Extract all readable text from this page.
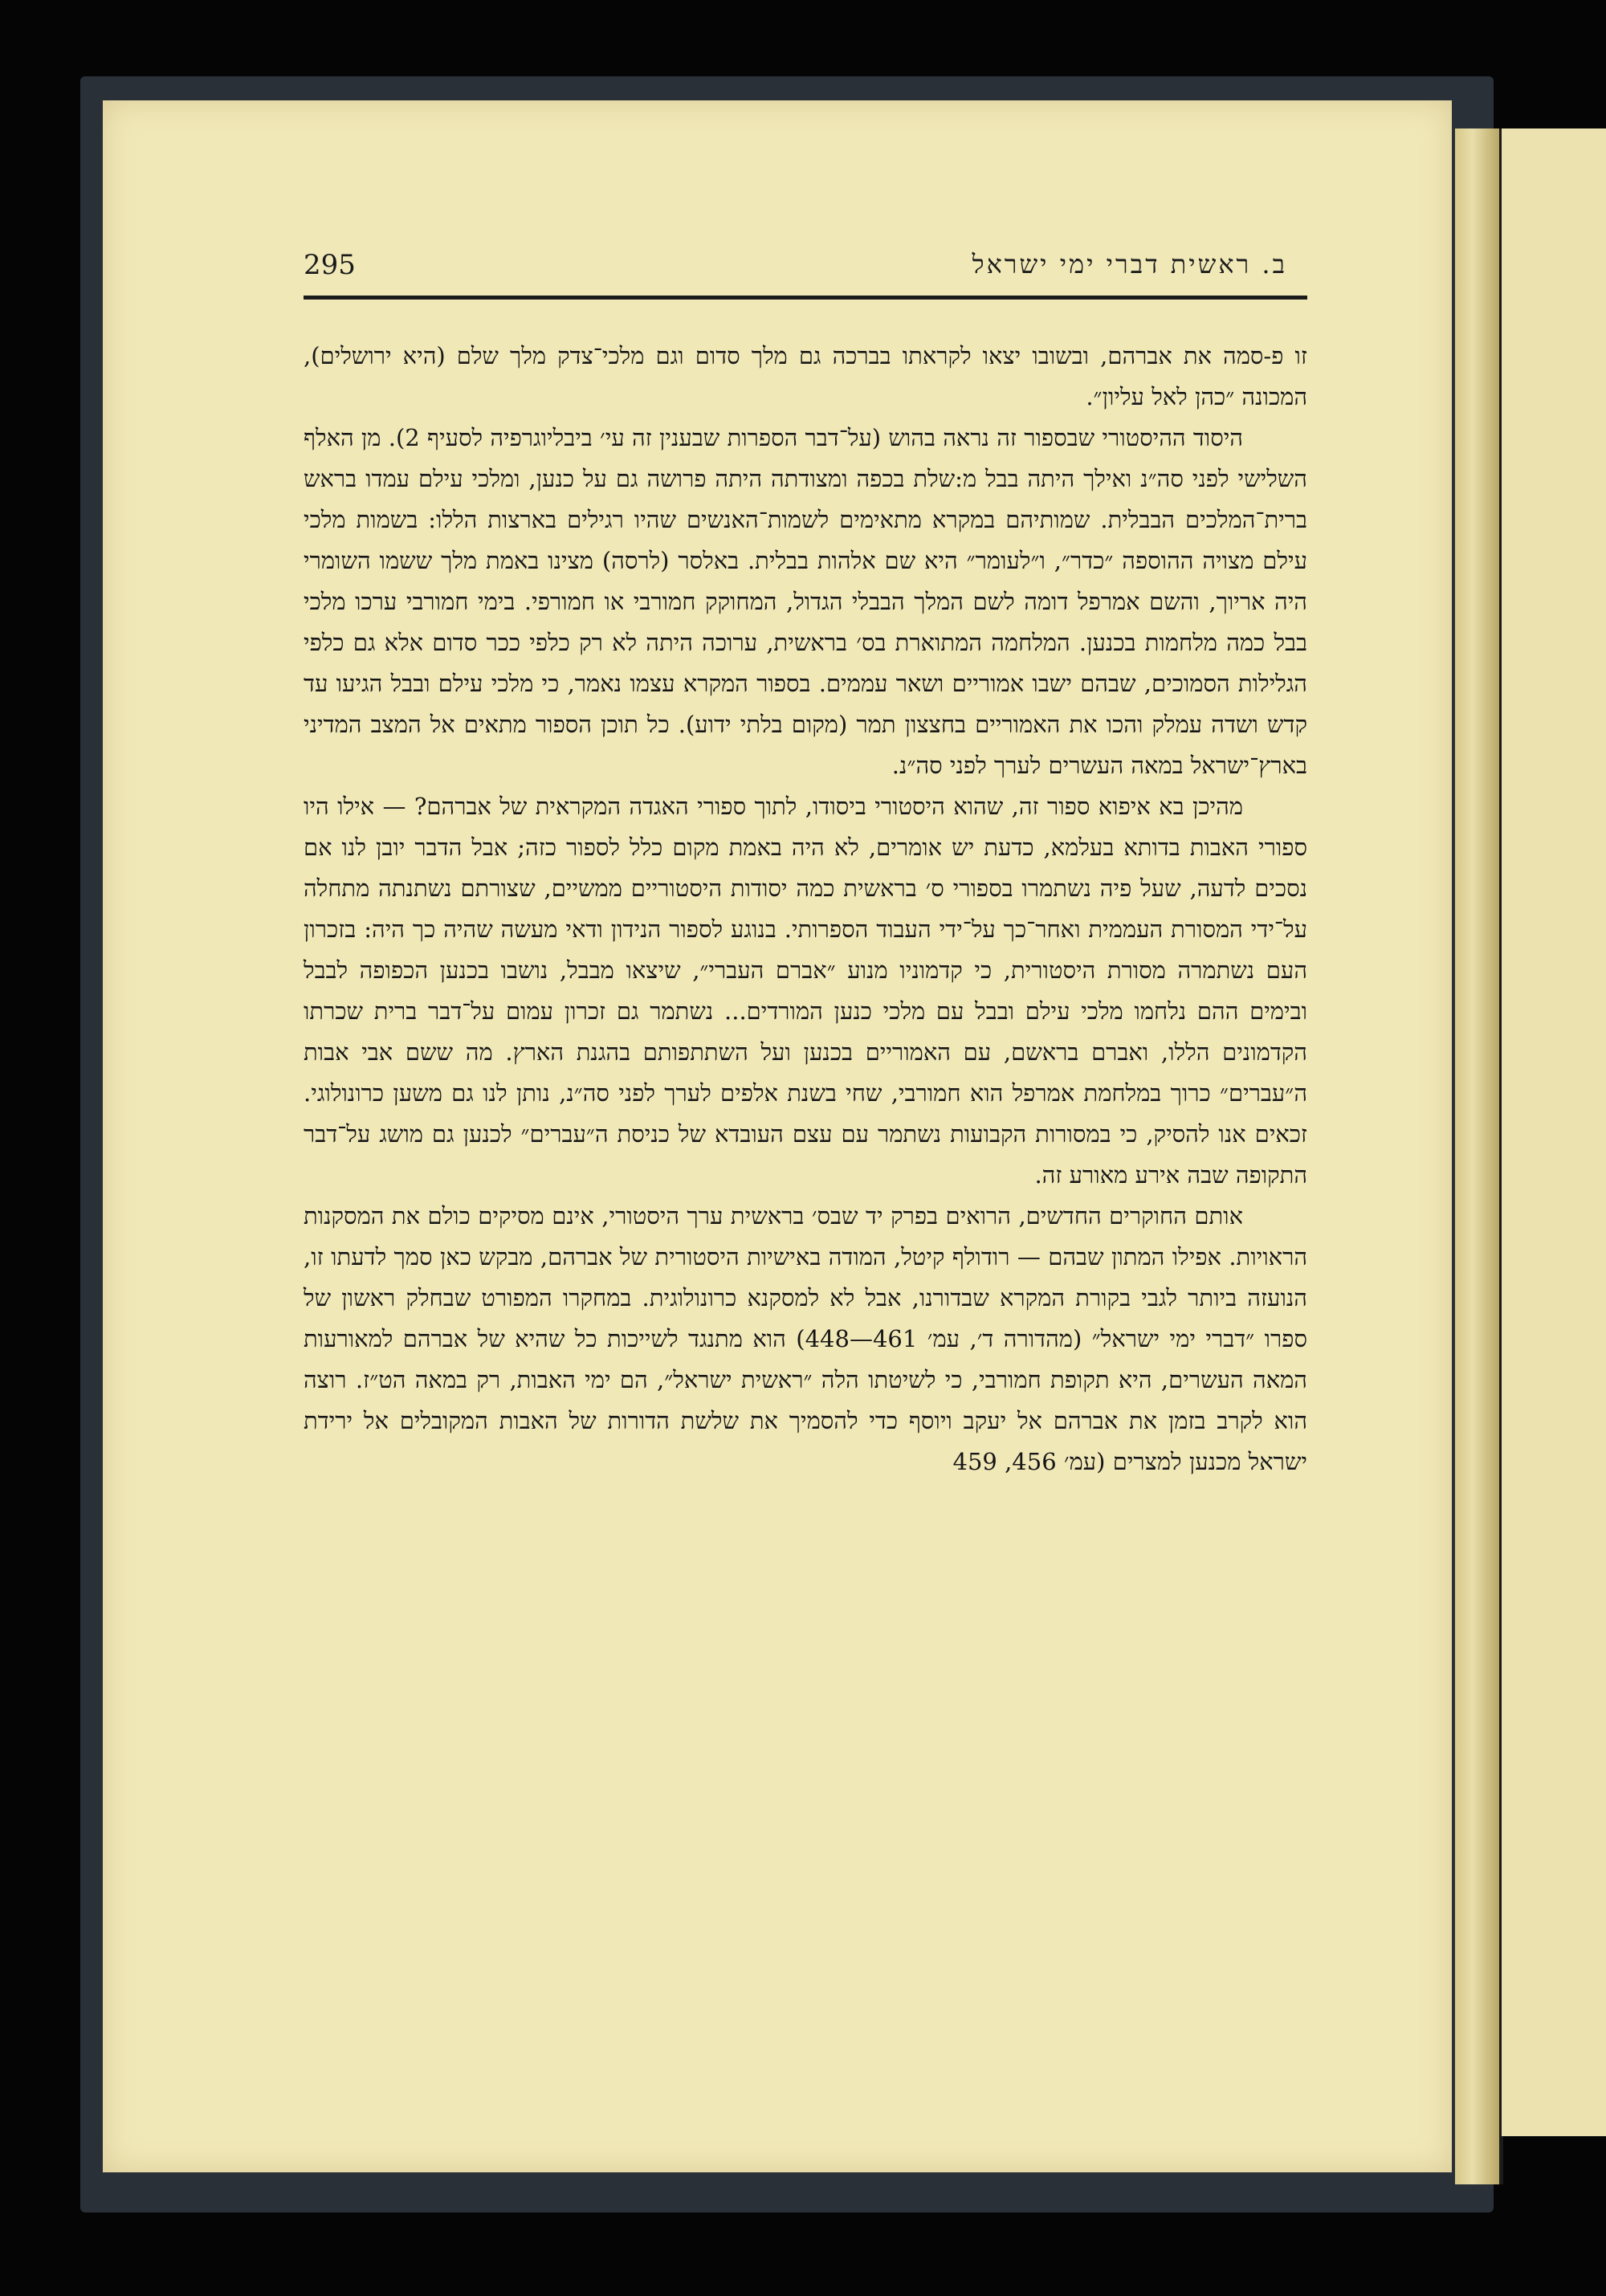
295	ב. ראשית דברי ימי ישראל

זו פ-סמה את אברהם, ובשובו יצאו לקראתו בברכה גם מלך סדום וגם מלכי־צדק מלך שלם (היא ירושלים), המכונה ״כהן לאל עליון״.

היסוד ההיסטורי שבספור זה נראה בהוש (על־דבר הספרות שבענין זה עי׳ ביבליוגרפיה לסעיף 2). מן האלף השלישי לפני סה״נ ואילך היתה בבל מ:שלת בכפה ומצודתה היתה פרושה גם על כנען, ומלכי עילם עמדו בראש ברית־המלכים הבבלית. שמותיהם במקרא מתאימים לשמות־האנשים שהיו רגילים בארצות הללו: בשמות מלכי עילם מצויה ההוספה ״כדר״, ו״לעומר״ היא שם אלהות בבלית. באלסר (לרסה) מצינו באמת מלך ששמו השומרי היה אריוך, והשם אמרפל דומה לשם המלך הבבלי הגדול, המחוקק חמורבי או חמורפי. בימי חמורבי ערכו מלכי בבל כמה מלחמות בכנען. המלחמה המתוארת בס׳ בראשית, ערוכה היתה לא רק כלפי ככר סדום אלא גם כלפי הגלילות הסמוכים, שבהם ישבו אמוריים ושאר עממים. בספור המקרא עצמו נאמר, כי מלכי עילם ובבל הגיעו עד קדש ושדה עמלק והכו את האמוריים בחצצון תמר (מקום בלתי ידוע). כל תוכן הספור מתאים אל המצב המדיני בארץ־ישראל במאה העשרים לערך לפני סה״נ.

מהיכן בא איפוא ספור זה, שהוא היסטורי ביסודו, לתוך ספורי האגדה המקראית של אברהם? — אילו היו ספורי האבות בדותא בעלמא, כדעת יש אומרים, לא היה באמת מקום כלל לספור כזה; אבל הדבר יובן לנו אם נסכים לדעה, שעל פיה נשתמרו בספורי ס׳ בראשית כמה יסודות היסטוריים ממשיים, שצורתם נשתנתה מתחלה על־ידי המסורת העממית ואחר־כך על־ידי העבוד הספרותי. בנוגע לספור הנידון ודאי מעשה שהיה כך היה: בזכרון העם נשתמרה מסורת היסטורית, כי קדמוניו מנוע ״אברם העברי״, שיצאו מבבל, נושבו בכנען הכפופה לבבל ובימים ההם נלחמו מלכי עילם ובבל עם מלכי כנען המורדים... נשתמר גם זכרון עמום על־דבר ברית שכרתו הקדמונים הללו, ואברם בראשם, עם האמוריים בכנען ועל השתתפותם בהגנת הארץ. מה ששם אבי אבות ה״עברים״ כרוך במלחמת אמרפל הוא חמורבי, שחי בשנת אלפים לערך לפני סה״נ, נותן לנו גם משען כרונולוגי. זכאים אנו להסיק, כי במסורות הקבועות נשתמר עם עצם העובדא של כניסת ה״עברים״ לכנען גם מושג על־דבר התקופה שבה אירע מאורע זה.

אותם החוקרים החדשים, הרואים בפרק יד שבס׳ בראשית ערך היסטורי, אינם מסיקים כולם את המסקנות הראויות. אפילו המתון שבהם — רודולף קיטל, המודה באישיות היסטורית של אברהם, מבקש כאן סמך לדעתו זו, הנועזה ביותר לגבי בקורת המקרא שבדורנו, אבל לא למסקנא כרונולוגית. במחקרו המפורט שבחלק ראשון של ספרו ״דברי ימי ישראל״ (מהדורה ד׳, עמ׳ 461—448) הוא מתנגד לשייכות כל שהיא של אברהם למאורעות המאה העשרים, היא תקופת חמורבי, כי לשיטתו הלה ״ראשית ישראל״, הם ימי האבות, רק במאה הט״ז. רוצה הוא לקרב בזמן את אברהם אל יעקב ויוסף כדי להסמיך את שלשת הדורות של האבות המקובלים אל ירידת ישראל מכנען למצרים (עמ׳ 456, 459
